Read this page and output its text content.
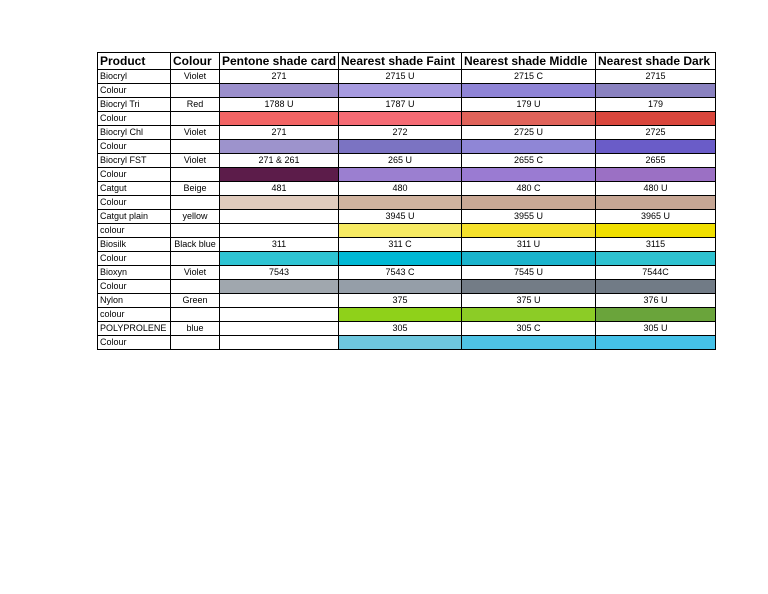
Product	Colour	Pentone shade card	Nearest shade Faint	Nearest shade Middle	Nearest shade Dark
Biocryl	Violet	271	2715 U	2715 C	2715
Colour					
Biocryl Tri	Red	1788 U	1787 U	179 U	179
Colour					
Biocryl Chl	Violet	271	272	2725 U	2725
Colour					
Biocryl FST	Violet	271 & 261	265 U	2655 C	2655
Colour					
Catgut	Beige	481	480	480 C	480 U
Colour					
Catgut plain	yellow		3945 U	3955 U	3965 U
colour					
Biosilk	Black blue	311	311 C	311 U	3115
Colour					
Bioxyn	Violet	7543	7543 C	7545 U	7544C
Colour					
Nylon	Green		375	375 U	376 U
colour					
POLYPROLENE	blue		305	305 C	305 U
Colour					
